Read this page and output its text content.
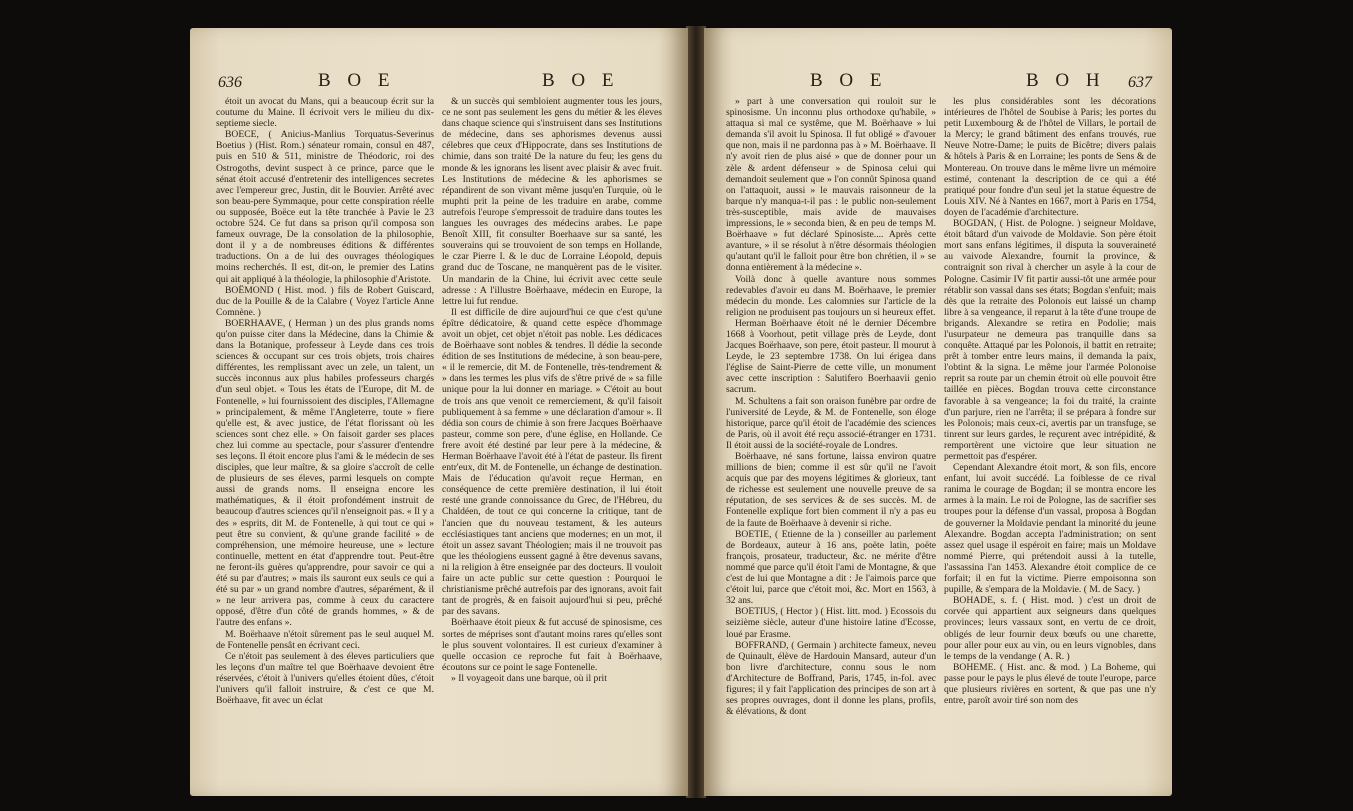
636	B O E	B O E

étoit un avocat du Mans, qui a beaucoup écrit sur la coutume du Maine. Il écrivoit vers le milieu du dix-septieme siecle.

BOECE, ( Anicius-Manlius Torquatus-Severinus Boetius ) (Hist. Rom.) sénateur romain, consul en 487, puis en 510 & 511, ministre de Théodoric, roi des Ostrogoths, devint suspect à ce prince, parce que le sénat étoit accusé d'entretenir des intelligences secretes avec l'empereur grec, Justin, dit le Bouvier. Arrêté avec son beau-pere Symmaque, pour cette conspiration réelle ou supposée, Boëce eut la tête tranchée à Pavie le 23 octobre 524. Ce fut dans sa prison qu'il composa son fameux ouvrage, De la consolation de la philosophie, dont il y a de nombreuses éditions & différentes traductions. On a de lui des ouvrages théologiques moins recherchés. Il est, dit-on, le premier des Latins qui ait appliqué à la théologie, la philosophie d'Aristote.

BOËMOND ( Hist. mod. ) fils de Robert Guiscard, duc de la Pouille & de la Calabre ( Voyez l'article Anne Comnène. )

BOERHAAVE, ( Herman ) un des plus grands noms qu'on puisse citer dans la Médecine, dans la Chimie & dans la Botanique, professeur à Leyde dans ces trois sciences & occupant sur ces trois objets, trois chaires différentes, les remplissant avec un zele, un talent, un succès inconnus aux plus habiles professeurs chargés d'un seul objet. « Tous les états de l'Europe, dit M. de Fontenelle, » lui fournissoient des disciples, l'Allemagne » principalement, & même l'Angleterre, toute » fiere qu'elle est, & avec justice, de l'état florissant où les sciences sont chez elle. » On faisoit garder ses places chez lui comme au spectacle, pour s'assurer d'entendre ses leçons. Il étoit encore plus l'ami & le médecin de ses disciples, que leur maître, & sa gloire s'accroît de celle de plusieurs de ses éleves, parmi lesquels on compte aussi de grands noms. Il enseigna encore les mathématiques, & il étoit profondément instruit de beaucoup d'autres sciences qu'il n'enseignoit pas. « Il y a des » esprits, dit M. de Fontenelle, à qui tout ce qui » peut être su convient, & qu'une grande facilité » de compréhension, une mémoire heureuse, une » lecture continuelle, mettent en état d'apprendre tout. Peut-être ne feront-ils guères qu'apprendre, pour savoir ce qui a été su par d'autres; » mais ils sauront eux seuls ce qui a été su par » un grand nombre d'autres, séparément, & il » ne leur arrivera pas, comme à ceux du caractere opposé, d'être d'un côté de grands hommes, » & de l'autre des enfans ».

M. Boërhaave n'étoit sûrement pas le seul auquel M. de Fontenelle pensât en écrivant ceci.

Ce n'étoit pas seulement à des éleves particuliers que les leçons d'un maître tel que Boërhaave devoient être réservées, c'étoit à l'univers qu'elles étoient dûes, c'étoit l'univers qu'il falloit instruire, & c'est ce que M. Boërhaave, fit avec un éclat

& un succès qui sembloient augmenter tous les jours, ce ne sont pas seulement les gens du métier & les éleves dans chaque science qui s'instruisent dans ses Institutions de médecine, dans ses aphorismes devenus aussi célebres que ceux d'Hippocrate, dans ses Institutions de chimie, dans son traité De la nature du feu; les gens du monde & les ignorans les lisent avec plaisir & avec fruit. Les Institutions de médecine & les aphorismes se répandirent de son vivant même jusqu'en Turquie, où le muphti prit la peine de les traduire en arabe, comme autrefois l'europe s'empressoit de traduire dans toutes les langues les ouvrages des médecins arabes. Le pape Benoît XIII, fit consulter Boerhaave sur sa santé, les souverains qui se trouvoient de son temps en Hollande, le czar Pierre I. & le duc de Lorraine Léopold, depuis grand duc de Toscane, ne manquèrent pas de le visiter. Un mandarin de la Chine, lui écrivit avec cette seule adresse : A l'illustre Boërhaave, médecin en Europe, la lettre lui fut rendue.

Il est difficile de dire aujourd'hui ce que c'est qu'une épître dédicatoire, & quand cette espèce d'hommage avoit un objet, cet objet n'étoit pas noble. Les dédicaces de Boërhaave sont nobles & tendres. Il dédie la seconde édition de ses Institutions de médecine, à son beau-pere, « il le remercie, dit M. de Fontenelle, très-tendrement & » dans les termes les plus vifs de s'être privé de » sa fille unique pour la lui donner en mariage. » C'étoit au bout de trois ans que venoit ce remerciement, & qu'il faisoit publiquement à sa femme » une déclaration d'amour ». Il dédia son cours de chimie à son frere Jacques Boërhaave pasteur, comme son pere, d'une église, en Hollande. Ce frere avoit été destiné par leur pere à la médecine, & Herman Boërhaave l'avoit été à l'état de pasteur. Ils firent entr'eux, dit M. de Fontenelle, un échange de destination. Mais de l'éducation qu'avoit reçue Herman, en conséquence de cette première destination, il lui étoit resté une grande connoissance du Grec, de l'Hébreu, du Chaldéen, de tout ce qui concerne la critique, tant de l'ancien que du nouveau testament, & les auteurs ecclésiastiques tant anciens que modernes; en un mot, il étoit un assez savant Théologien; mais il ne trouvoit pas que les théologiens eussent gagné à être devenus savans, ni la religion à être enseignée par des docteurs. Il vouloit faire un acte public sur cette question : Pourquoi le christianisme prêché autrefois par des ignorans, avoit fait tant de progrès, & en faisoit aujourd'hui si peu, prêché par des savans.

Boërhaave étoit pieux & fut accusé de spinosisme, ces sortes de méprises sont d'autant moins rares qu'elles sont le plus souvent volontaires. Il est curieux d'examiner à quelle occasion ce reproche fut fait à Boërhaave, écoutons sur ce point le sage Fontenelle.

» Il voyageoit dans une barque, où il prit

B O E	B O H 637

» part à une conversation qui rouloit sur le spinosisme. Un inconnu plus orthodoxe qu'habile, » attaqua si mal ce systême, que M. Boërhaave » lui demanda s'il avoit lu Spinosa. Il fut obligé » d'avouer que non, mais il ne pardonna pas à » M. Boërhaave. Il n'y avoit rien de plus aisé » que de donner pour un zèle & ardent défenseur » de Spinosa celui qui demandoit seulement que » l'on connût Spinosa quand on l'attaquoit, aussi » le mauvais raisonneur de la barque n'y manqua-t-il pas : le public non-seulement très-susceptible, mais avide de mauvaises impressions, le » seconda bien, & en peu de temps M. Boërhaave » fut déclaré Spinosiste.... Après cette avanture, » il se résolut à n'être désormais théologien qu'autant qu'il le falloit pour être bon chrétien, il » se donna entièrement à la médecine ».

Voilà donc à quelle avanture nous sommes redevables d'avoir eu dans M. Boërhaave, le premier médecin du monde. Les calomnies sur l'article de la religion ne produisent pas toujours un si heureux effet.

Herman Boërhaave étoit né le dernier Décembre 1668 à Voorhout, petit village près de Leyde, dont Jacques Boërhaave, son pere, étoit pasteur. Il mourut à Leyde, le 23 septembre 1738. On lui érigea dans l'église de Saint-Pierre de cette ville, un monument avec cette inscription : Salutifero Boerhaavii genio sacrum.

M. Schultens a fait son oraison funèbre par ordre de l'université de Leyde, & M. de Fontenelle, son éloge historique, parce qu'il étoit de l'académie des sciences de Paris, où il avoit été reçu associé-étranger en 1731. Il étoit aussi de la société-royale de Londres.

Boërhaave, né sans fortune, laissa environ quatre millions de bien; comme il est sûr qu'il ne l'avoit acquis que par des moyens légitimes & glorieux, tant de richesse est seulement une nouvelle preuve de sa réputation, de ses services & de ses succès. M. de Fontenelle explique fort bien comment il n'y a pas eu de la faute de Boërhaave à devenir si riche.

BOETIE, ( Etienne de la ) conseiller au parlement de Bordeaux, auteur à 16 ans, poëte latin, poëte françois, prosateur, traducteur, &c. ne mérite d'être nommé que parce qu'il étoit l'ami de Montagne, & que c'est de lui que Montagne a dit : Je l'aimois parce que c'étoit lui, parce que c'étoit moi, &c. Mort en 1563, à 32 ans.

BOETIUS, ( Hector ) ( Hist. litt. mod. ) Ecossois du seizième siècle, auteur d'une histoire latine d'Ecosse, loué par Erasme.

BOFFRAND, ( Germain ) architecte fameux, neveu de Quinault, élève de Hardouin Mansard, auteur d'un bon livre d'architecture, connu sous le nom d'Architecture de Boffrand, Paris, 1745, in-fol. avec figures; il y fait l'application des principes de son art à ses propres ouvrages, dont il donne les plans, profils, & élévations, & dont

les plus considérables sont les décorations intérieures de l'hôtel de Soubise à Paris; les portes du petit Luxembourg & de l'hôtel de Villars, le portail de la Mercy; le grand bâtiment des enfans trouvés, rue Neuve Notre-Dame; le puits de Bicêtre; divers palais & hôtels à Paris & en Lorraine; les ponts de Sens & de Montereau. On trouve dans le même livre un mémoire estimé, contenant la description de ce qui a été pratiqué pour fondre d'un seul jet la statue équestre de Louis XIV. Né à Nantes en 1667, mort à Paris en 1754, doyen de l'académie d'architecture.

BOGDAN, ( Hist. de Pologne. ) seigneur Moldave, étoit bâtard d'un vaivode de Moldavie. Son père étoit mort sans enfans légitimes, il disputa la souveraineté au vaivode Alexandre, fournit la province, & contraignit son rival à chercher un asyle à la cour de Pologne. Casimir IV fit partir aussi-tôt une armée pour rétablir son vassal dans ses états; Bogdan s'enfuit; mais dès que la retraite des Polonois eut laissé un champ libre à sa vengeance, il reparut à la tête d'une troupe de brigands. Alexandre se retira en Podolie; mais l'usurpateur ne demeura pas tranquille dans sa conquête. Attaqué par les Polonois, il battit en retraite; prêt à tomber entre leurs mains, il demanda la paix, l'obtint & la signa. Le même jour l'armée Polonoise reprit sa route par un chemin étroit où elle pouvoit être taillée en pièces. Bogdan trouva cette circonstance favorable à sa vengeance; la foi du traité, la crainte d'un parjure, rien ne l'arrêta; il se prépara à fondre sur les Polonois; mais ceux-ci, avertis par un transfuge, se tinrent sur leurs gardes, le reçurent avec intrépidité, & remportèrent une victoire que leur situation ne permettoit pas d'espérer.

Cependant Alexandre étoit mort, & son fils, encore enfant, lui avoit succédé. La foiblesse de ce rival ranima le courage de Bogdan; il se montra encore les armes à la main. Le roi de Pologne, las de sacrifier ses troupes pour la défense d'un vassal, proposa à Bogdan de gouverner la Moldavie pendant la minorité du jeune Alexandre. Bogdan accepta l'administration; on sent assez quel usage il espéroit en faire; mais un Moldave nommé Pierre, qui prétendoit aussi à la tutelle, l'assassina l'an 1453. Alexandre étoit complice de ce forfait; il en fut la victime. Pierre empoisonna son pupille, & s'empara de la Moldavie. ( M. de Sacy. )

BOHADE, s. f. ( Hist. mod. ) c'est un droit de corvée qui appartient aux seigneurs dans quelques provinces; leurs vassaux sont, en vertu de ce droit, obligés de leur fournir deux bœufs ou une charette, pour aller pour eux au vin, ou en leurs vignobles, dans le temps de la vendange ( A. R. )

BOHEME. ( Hist. anc. & mod. ) La Boheme, qui passe pour le pays le plus élevé de toute l'europe, parce que plusieurs rivières en sortent, & que pas une n'y entre, paroît avoir tiré son nom des
